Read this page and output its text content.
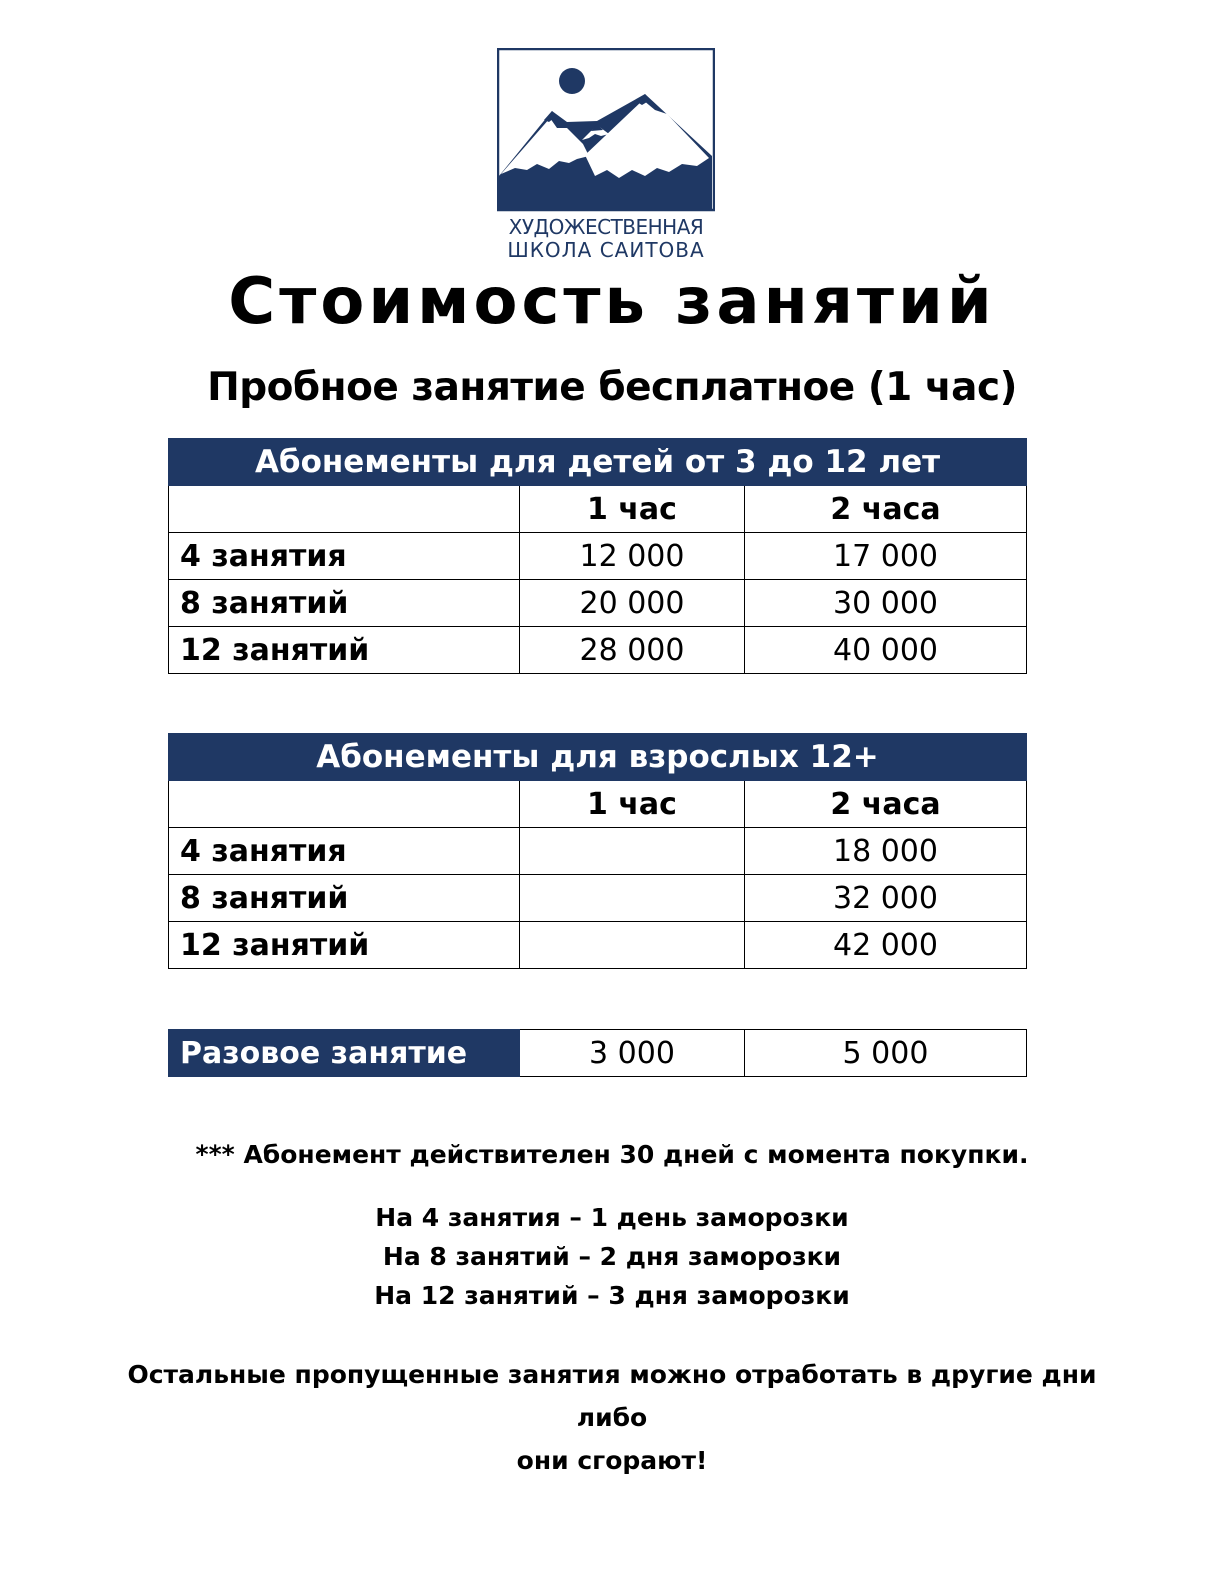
ХУДОЖЕСТВЕННАЯ
ШКОЛА САИТОВА
Стоимость занятий
Пробное занятие бесплатное (1 час)
Абонементы для детей от 3 до 12 лет		
	1 час	2 часа
4 занятия	12 000	17 000
8 занятий	20 000	30 000
12 занятий	28 000	40 000
Абонементы для взрослых 12+		
	1 час	2 часа
4 занятия		18 000
8 занятий		32 000
12 занятий		42 000
Разовое занятие	3 000	5 000
*** Абонемент действителен 30 дней с момента покупки.
На 4 занятия – 1 день заморозки
На 8 занятий – 2 дня заморозки
На 12 занятий – 3 дня заморозки
Остальные пропущенные занятия можно отработать в другие дни либо
они сгорают!
